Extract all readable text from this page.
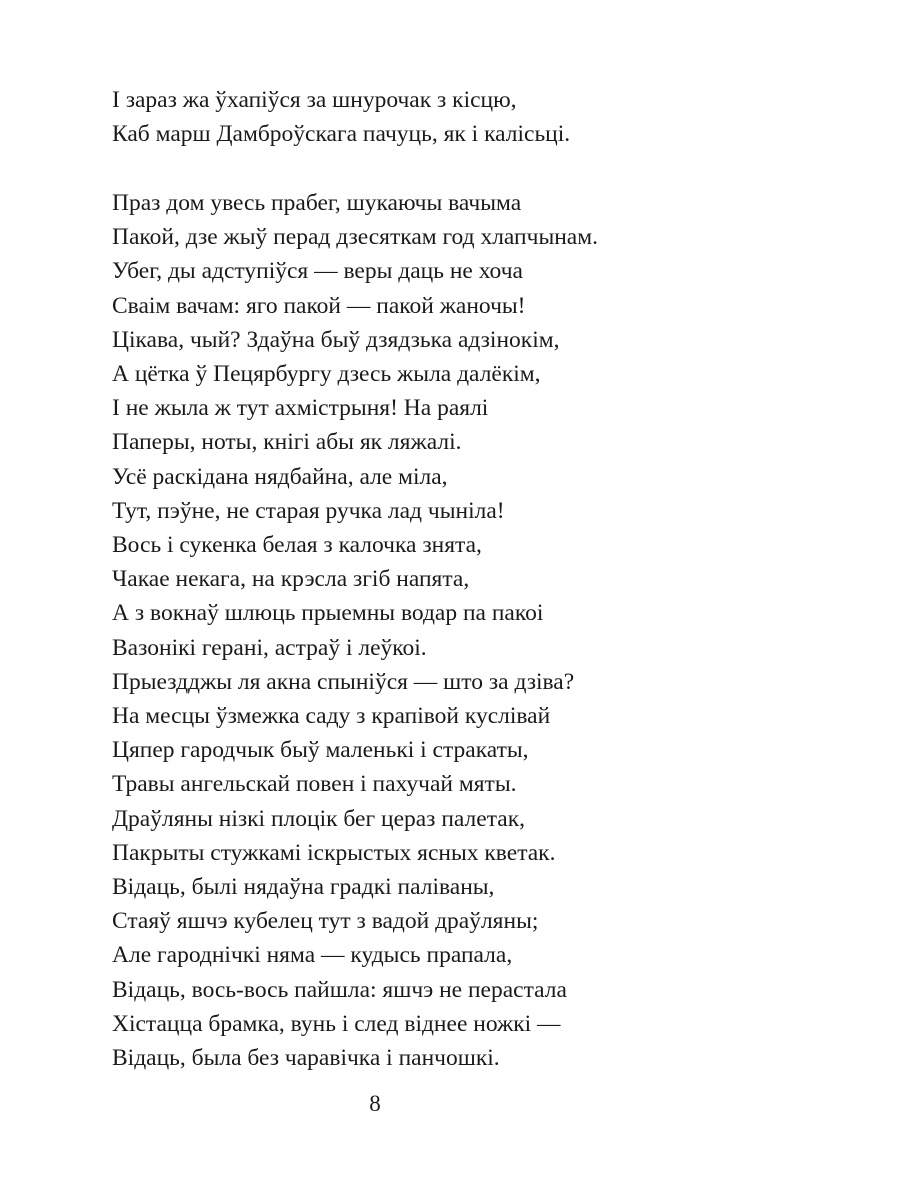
І зараз жа ўхапіўся за шнурочак з кісцю,
Каб марш Дамброўскага пачуць, як і калісьці.
Праз дом увесь прабег, шукаючы вачыма
Пакой, дзе жыў перад дзесяткам год хлапчынам.
Убег, ды адступіўся — веры даць не хоча
Сваім вачам: яго пакой — пакой жаночы!
Цікава, чый? Здаўна быў дзядзька адзінокім,
А цётка ў Пецярбургу дзесь жыла далёкім,
І не жыла ж тут ахмістрыня! На раялі
Паперы, ноты, кнігі абы як ляжалі.
Усё раскідана нядбайна, але міла,
Тут, пэўне, не старая ручка лад чыніла!
Вось і сукенка белая з калочка знята,
Чакае некага, на крэсла згіб напята,
А з вокнаў шлюць прыемны водар па пакоі
Вазонікі герані, астраў і леўкоі.
Прыездджы ля акна спыніўся — што за дзіва?
На месцы ўзмежка саду з крапівой куслівай
Цяпер гародчык быў маленькі і стракаты,
Травы ангельскай повен і пахучай мяты.
Драўляны нізкі плоцік бег цераз палетак,
Пакрыты стужкамі іскрыстых ясных кветак.
Відаць, былі нядаўна градкі паліваны,
Стаяў яшчэ кубелец тут з вадой драўляны;
Але гароднічкі няма — кудысь прапала,
Відаць, вось-вось пайшла: яшчэ не перастала
Хістацца брамка, вунь і след віднее ножкі —
Відаць, была без чаравічка і панчошкі.
8
